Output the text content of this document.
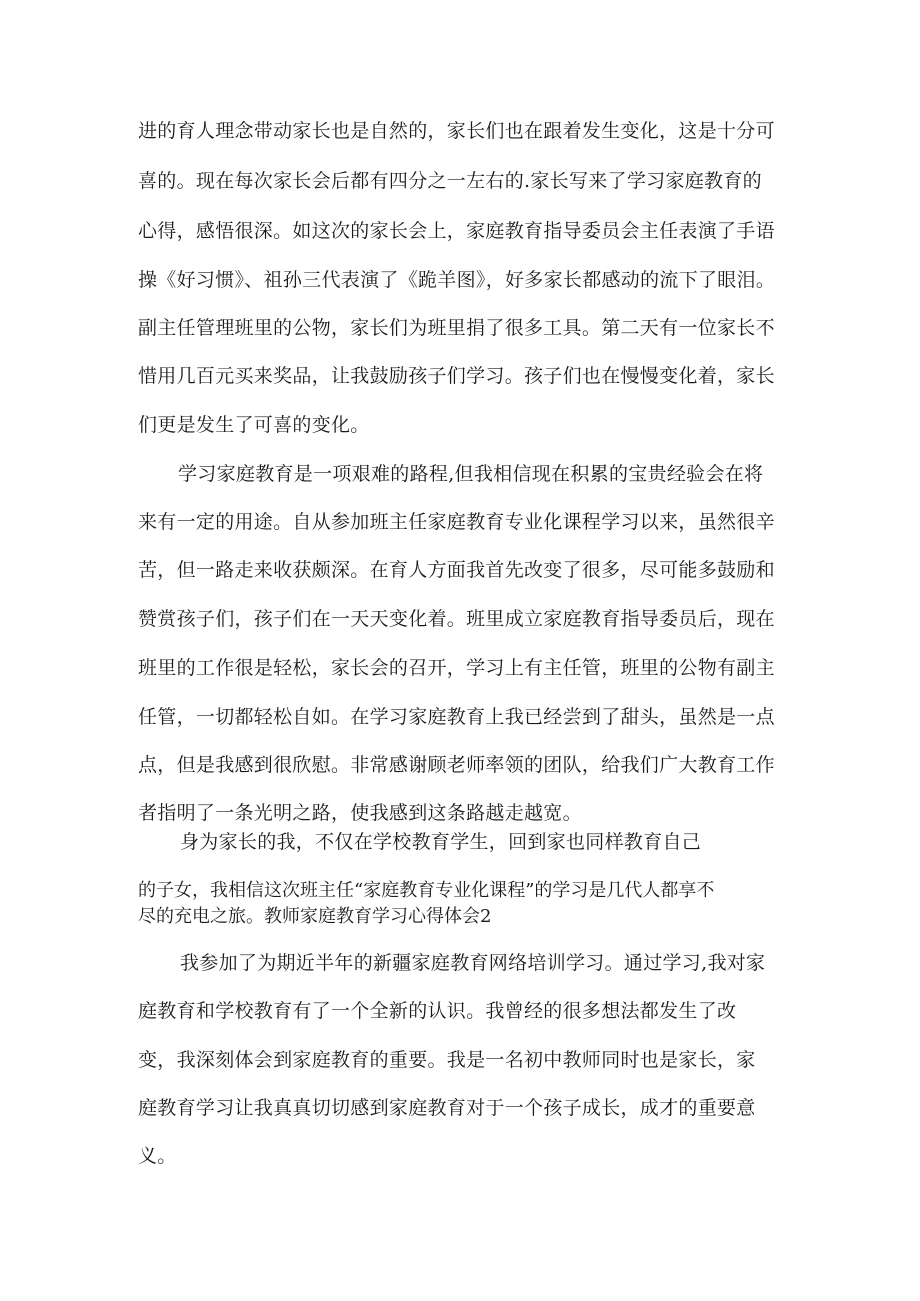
进的育人理念带动家长也是自然的，家长们也在跟着发生变化，这是十分可
喜的。现在每次家长会后都有四分之一左右的.家长写来了学习家庭教育的
心得，感悟很深。如这次的家长会上，家庭教育指导委员会主任表演了手语
操《好习惯》、祖孙三代表演了《跪羊图》，好多家长都感动的流下了眼泪。
副主任管理班里的公物，家长们为班里捐了很多工具。第二天有一位家长不
惜用几百元买来奖品，让我鼓励孩子们学习。孩子们也在慢慢变化着，家长
们更是发生了可喜的变化。
学习家庭教育是一项艰难的路程,但我相信现在积累的宝贵经验会在将
来有一定的用途。自从参加班主任家庭教育专业化课程学习以来，虽然很辛
苦，但一路走来收获颇深。在育人方面我首先改变了很多，尽可能多鼓励和
赞赏孩子们，孩子们在一天天变化着。班里成立家庭教育指导委员后，现在
班里的工作很是轻松，家长会的召开，学习上有主任管，班里的公物有副主
任管，一切都轻松自如。在学习家庭教育上我已经尝到了甜头，虽然是一点
点，但是我感到很欣慰。非常感谢顾老师率领的团队，给我们广大教育工作
者指明了一条光明之路，使我感到这条路越走越宽。
身为家长的我，不仅在学校教育学生，回到家也同样教育自己
的子女，我相信这次班主任“家庭教育专业化课程”的学习是几代人都享不
尽的充电之旅。教师家庭教育学习心得体会2
我参加了为期近半年的新疆家庭教育网络培训学习。通过学习,我对家
庭教育和学校教育有了一个全新的认识。我曾经的很多想法都发生了改
变，我深刻体会到家庭教育的重要。我是一名初中教师同时也是家长，家
庭教育学习让我真真切切感到家庭教育对于一个孩子成长，成才的重要意
义。
